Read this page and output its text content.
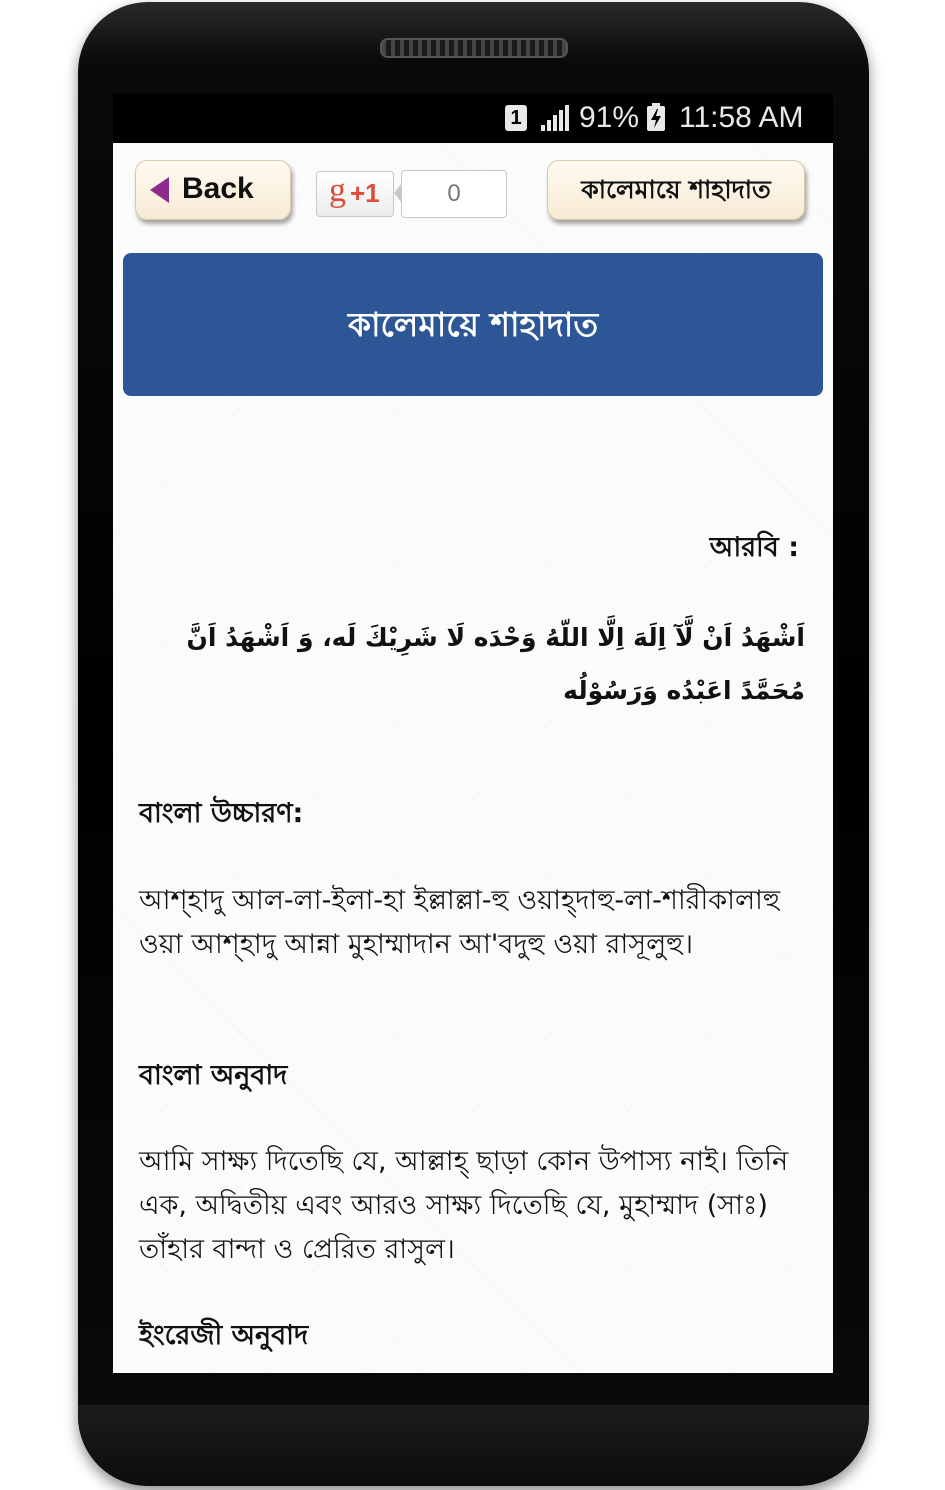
1 91% 11:58 AM
Back g +1	0	কালেমায়ে শাহাদাত
কালেমায়ে শাহাদাত
আরবি :
اَشْهَدُ اَنْ لَّآ اِلَهَ اِلَّا اللّهُ وَحْدَه لَا شَرِيْكَ لَه، وَ اَشْهَدُ اَنَّ مُحَمَّدً اعَبْدُه وَرَسُوْلُه
বাংলা উচ্চারণ:
আশ্হাদু আল-লা-ইলা-হা ইল্লাল্লা-হু ওয়াহ্দাহু-লা-শারীকালাহু ওয়া আশ্হাদু আন্না মুহাম্মাদান আ'বদুহু ওয়া রাসূলুহু।
বাংলা অনুবাদ
আমি সাক্ষ্য দিতেছি যে, আল্লাহ্ ছাড়া কোন উপাস্য নাই। তিনি এক, অদ্বিতীয় এবং আরও সাক্ষ্য দিতেছি যে, মুহাম্মাদ (সাঃ) তাঁহার বান্দা ও প্রেরিত রাসুল।
ইংরেজী অনুবাদ
